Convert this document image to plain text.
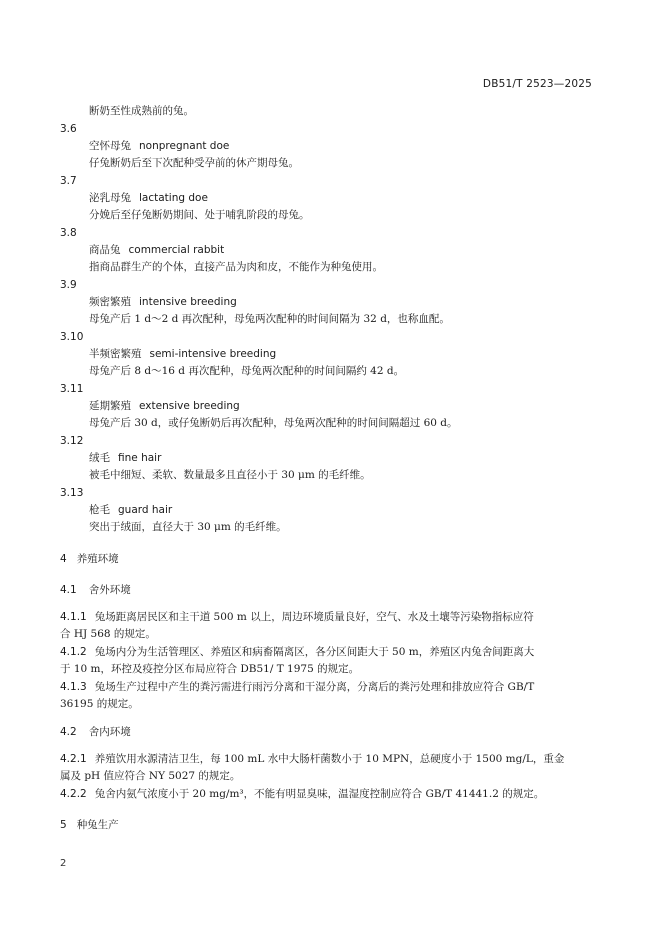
DB51/T 2523—2025
断奶至性成熟前的兔。
3.6
空怀母兔 nonpregnant doe
仔兔断奶后至下次配种受孕前的休产期母兔。
3.7
泌乳母兔 lactating doe
分娩后至仔兔断奶期间、处于哺乳阶段的母兔。
3.8
商品兔 commercial rabbit
指商品群生产的个体，直接产品为肉和皮，不能作为种兔使用。
3.9
频密繁殖 intensive breeding
母兔产后 1 d～2 d 再次配种，母兔两次配种的时间间隔为 32 d，也称血配。
3.10
半频密繁殖 semi-intensive breeding
母兔产后 8 d～16 d 再次配种，母兔两次配种的时间间隔约 42 d。
3.11
延期繁殖 extensive breeding
母兔产后 30 d，或仔兔断奶后再次配种，母兔两次配种的时间间隔超过 60 d。
3.12
绒毛 fine hair
被毛中细短、柔软、数量最多且直径小于 30 μm 的毛纤维。
3.13
枪毛 guard hair
突出于绒面，直径大于 30 μm 的毛纤维。
4 养殖环境
4.1 舍外环境
4.1.1 兔场距离居民区和主干道 500 m 以上，周边环境质量良好，空气、水及土壤等污染物指标应符
合 HJ 568 的规定。
4.1.2 兔场内分为生活管理区、养殖区和病畜隔离区，各分区间距大于 50 m，养殖区内兔舍间距离大
于 10 m，环控及疫控分区布局应符合 DB51/ T 1975 的规定。
4.1.3 兔场生产过程中产生的粪污需进行雨污分离和干湿分离，分离后的粪污处理和排放应符合 GB/T
36195 的规定。
4.2 舍内环境
4.2.1 养殖饮用水源清洁卫生，每 100 mL 水中大肠杆菌数小于 10 MPN，总硬度小于 1500 mg/L，重金
属及 pH 值应符合 NY 5027 的规定。
4.2.2 兔舍内氨气浓度小于 20 mg/m³，不能有明显臭味，温湿度控制应符合 GB/T 41441.2 的规定。
5 种兔生产
2
